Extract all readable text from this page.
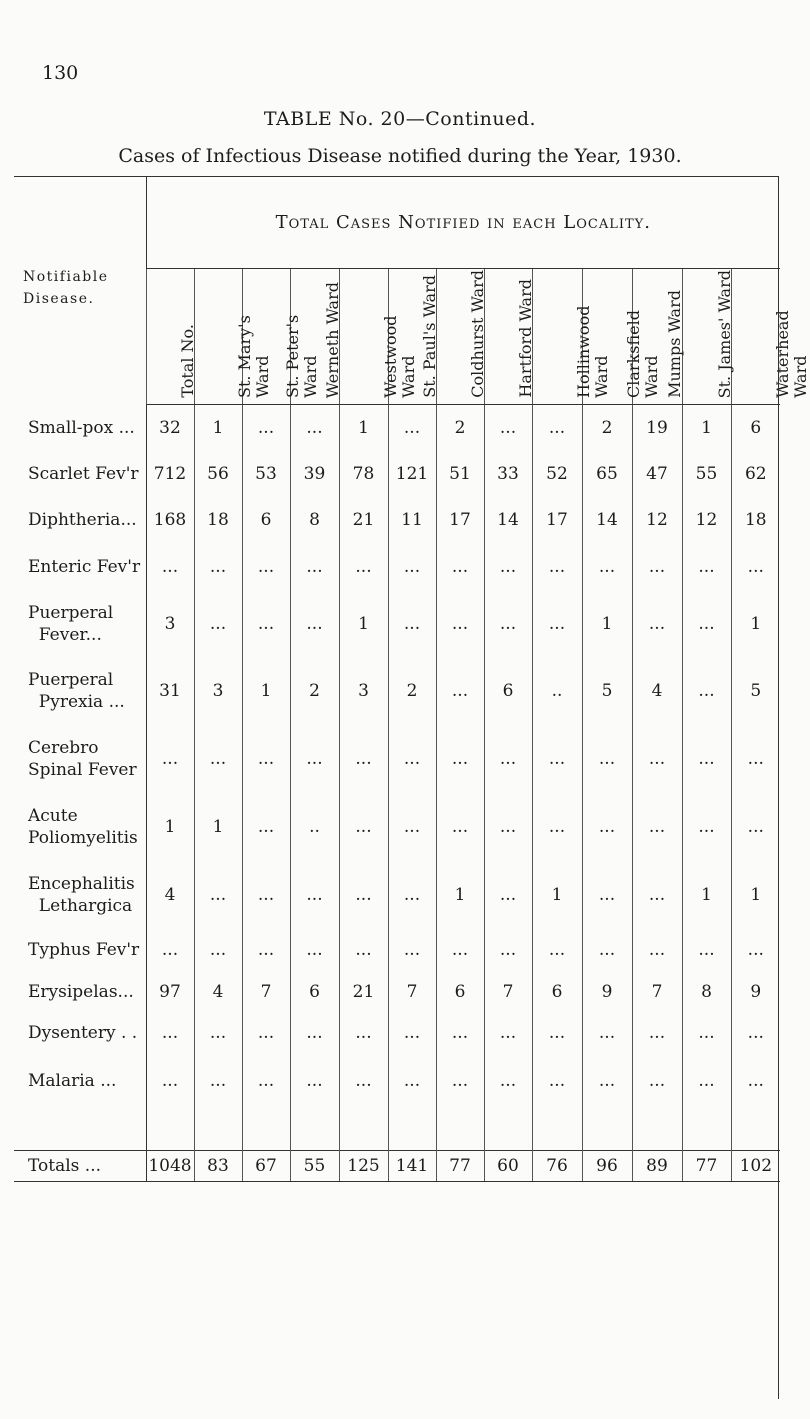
130
TABLE No. 20—Continued.
Cases of Infectious Disease notified during the Year, 1930.
Notifiable Disease.	Total Cases Notified in each Locality.												

	Total No.	St. Mary's Ward	St. Peter's Ward	Werneth Ward	Westwood Ward	St. Paul's Ward	Coldhurst Ward	Hartford Ward	Hollinwood Ward	Clarksfield Ward	Mumps Ward	St. James' Ward	Waterhead Ward

Small-pox ...	32	1	...	...	1	...	2	...	...	2	19	1	6
Scarlet Fev'r	712	56	53	39	78	121	51	33	52	65	47	55	62
Diphtheria...	168	18	6	8	21	11	17	14	17	14	12	12	18
Enteric Fev'r	...	...	...	...	...	...	...	...	...	...	...	...	...
Puerperal
Fever...	3	...	...	...	1	...	...	...	...	1	...	...	1
Puerperal
Pyrexia ...	31	3	1	2	3	2	...	6	..	5	4	...	5
Cerebro
Spinal Fever	...	...	...	...	...	...	...	...	...	...	...	...	...
Acute
Poliomyelitis	1	1	...	..	...	...	...	...	...	...	...	...	...
Encephalitis
Lethargica	4	...	...	...	...	...	1	...	1	...	...	1	1
Typhus Fev'r	...	...	...	...	...	...	...	...	...	...	...	...	...
Erysipelas...	97	4	7	6	21	7	6	7	6	9	7	8	9
Dysentery . .	...	...	...	...	...	...	...	...	...	...	...	...	...
Malaria ...	...	...	...	...	...	...	...	...	...	...	...	...	...

Totals ...	1048	83	67	55	125	141	77	60	76	96	89	77	102
